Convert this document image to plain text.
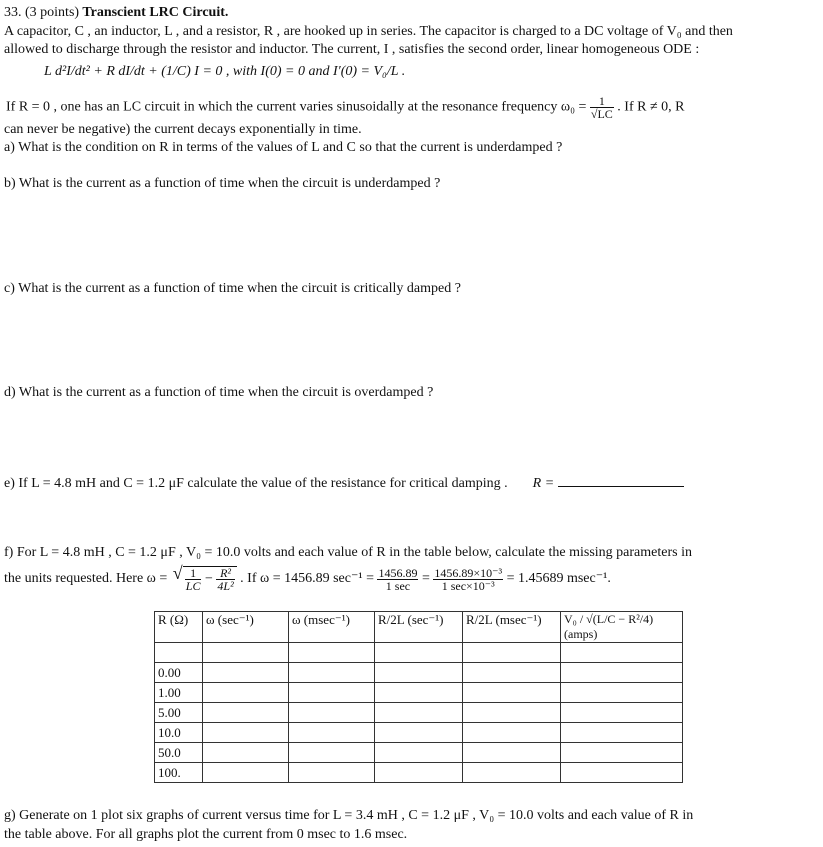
33. (3 points) Transcient LRC Circuit.
A capacitor, C , an inductor, L , and a resistor, R , are hooked up in series. The capacitor is charged to a DC voltage of V₀ and then
allowed to discharge through the resistor and inductor. The current, I , satisfies the second order, linear homogeneous ODE :
L d²I/dt² + R dI/dt + (1/C) I = 0 , with I(0) = 0 and I′(0) = V₀/L .
If R = 0 , one has an LC circuit in which the current varies sinusoidally at the resonance frequency $\omega_0 = \frac{1}{√LC}$ . If R ≠ 0, R
can never be negative) the current decays exponentially in time.
a) What is the condition on R in terms of the values of L and C so that the current is underdamped ?
b) What is the current as a function of time when the circuit is underdamped ?
c) What is the current as a function of time when the circuit is critically damped ?
d) What is the current as a function of time when the circuit is overdamped ?
e) If L = 4.8 mH and C = 1.2 μF calculate the value of the resistance for critical damping . R =
f) For L = 4.8 mH , C = 1.2 μF , V₀ = 10.0 volts and each value of R in the table below, calculate the missing parameters in
the units requested. Here ω = √ $\frac{1}{LC} - \frac{\text{R²}}{\text{4L²}}$ . If ω = 1456.89 $\sec^{-1} = \frac{1456.89}{1 \sec} = \frac{\text{1456.89×10⁻³}}{\text{1 sec×10⁻³}} = 1.45689$ msec⁻¹.
R (Ω)	ω (sec⁻¹)	ω (msec⁻¹)	R/2L (sec⁻¹)	R/2L (msec⁻¹)	V₀ / √(L/C − R²/4) (amps)

0.00					
1.00					
5.00					
10.0					
50.0					
100.					
g) Generate on 1 plot six graphs of current versus time for L = 3.4 mH , C = 1.2 μF , V₀ = 10.0 volts and each value of R in
the table above. For all graphs plot the current from 0 msec to 1.6 msec.
